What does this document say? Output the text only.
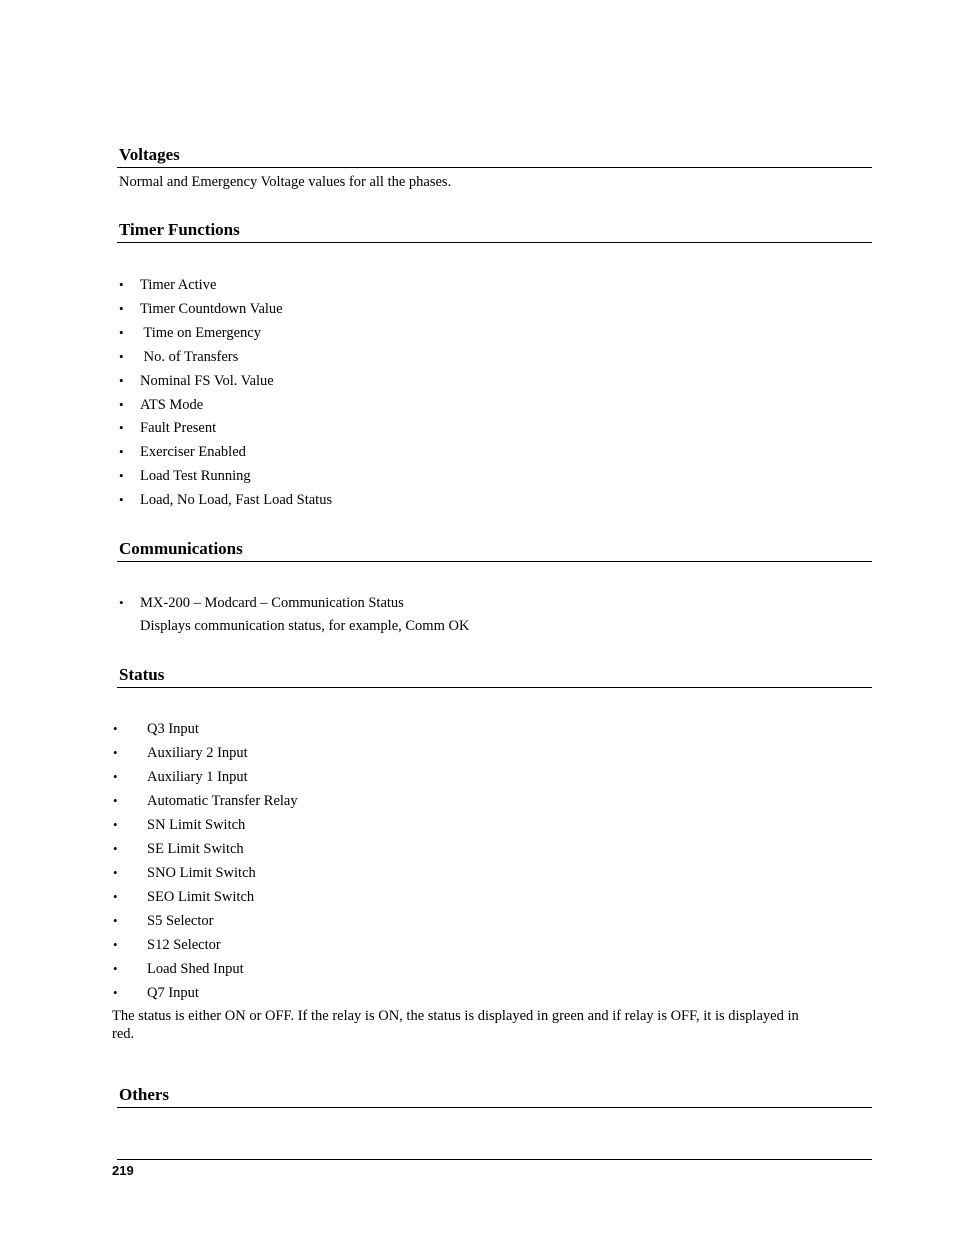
Voltages
Normal and Emergency Voltage values for all the phases.
Timer Functions
• Timer Active
• Timer Countdown Value
• Time on Emergency
• No. of Transfers
• Nominal FS Vol. Value
• ATS Mode
• Fault Present
• Exerciser Enabled
• Load Test Running
• Load, No Load, Fast Load Status
Communications
• MX-200 – Modcard – Communication Status
Displays communication status, for example, Comm OK
Status
• Q3 Input
• Auxiliary 2 Input
• Auxiliary 1 Input
• Automatic Transfer Relay
• SN Limit Switch
• SE Limit Switch
• SNO Limit Switch
• SEO Limit Switch
• S5 Selector
• S12 Selector
• Load Shed Input
• Q7 Input
The status is either ON or OFF. If the relay is ON, the status is displayed in green and if relay is OFF, it is displayed in
red.
Others
219
